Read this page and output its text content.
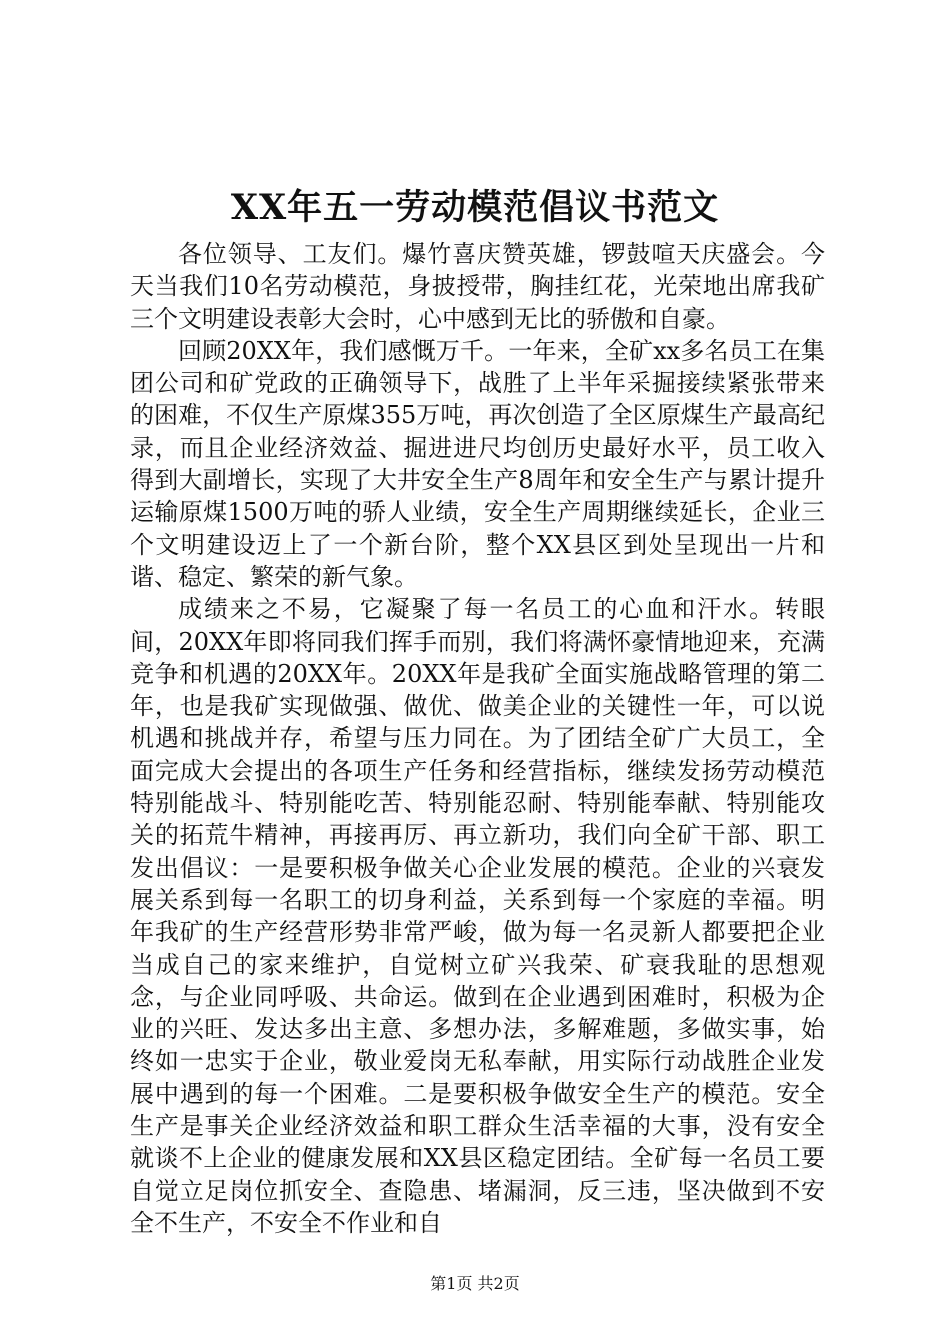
XX年五一劳动模范倡议书范文

各位领导、工友们。爆竹喜庆赞英雄，锣鼓喧天庆盛会。今天当我们10名劳动模范，身披授带，胸挂红花，光荣地出席我矿三个文明建设表彰大会时，心中感到无比的骄傲和自豪。

回顾20XX年，我们感慨万千。一年来，全矿xx多名员工在集团公司和矿党政的正确领导下，战胜了上半年采掘接续紧张带来的困难，不仅生产原煤355万吨，再次创造了全区原煤生产最高纪录，而且企业经济效益、掘进进尺均创历史最好水平，员工收入得到大副增长，实现了大井安全生产8周年和安全生产与累计提升运输原煤1500万吨的骄人业绩，安全生产周期继续延长，企业三个文明建设迈上了一个新台阶，整个XX县区到处呈现出一片和谐、稳定、繁荣的新气象。

成绩来之不易，它凝聚了每一名员工的心血和汗水。转眼间，20XX年即将同我们挥手而别，我们将满怀豪情地迎来，充满竞争和机遇的20XX年。20XX年是我矿全面实施战略管理的第二年，也是我矿实现做强、做优、做美企业的关键性一年，可以说机遇和挑战并存，希望与压力同在。为了团结全矿广大员工，全面完成大会提出的各项生产任务和经营指标，继续发扬劳动模范特别能战斗、特别能吃苦、特别能忍耐、特别能奉献、特别能攻关的拓荒牛精神，再接再厉、再立新功，我们向全矿干部、职工发出倡议：一是要积极争做关心企业发展的模范。企业的兴衰发展关系到每一名职工的切身利益，关系到每一个家庭的幸福。明年我矿的生产经营形势非常严峻，做为每一名灵新人都要把企业当成自己的家来维护，自觉树立矿兴我荣、矿衰我耻的思想观念，与企业同呼吸、共命运。做到在企业遇到困难时，积极为企业的兴旺、发达多出主意、多想办法，多解难题，多做实事，始终如一忠实于企业，敬业爱岗无私奉献，用实际行动战胜企业发展中遇到的每一个困难。二是要积极争做安全生产的模范。安全生产是事关企业经济效益和职工群众生活幸福的大事，没有安全就谈不上企业的健康发展和XX县区稳定团结。全矿每一名员工要自觉立足岗位抓安全、查隐患、堵漏洞，反三违，坚决做到不安全不生产，不安全不作业和自

第1页 共2页
